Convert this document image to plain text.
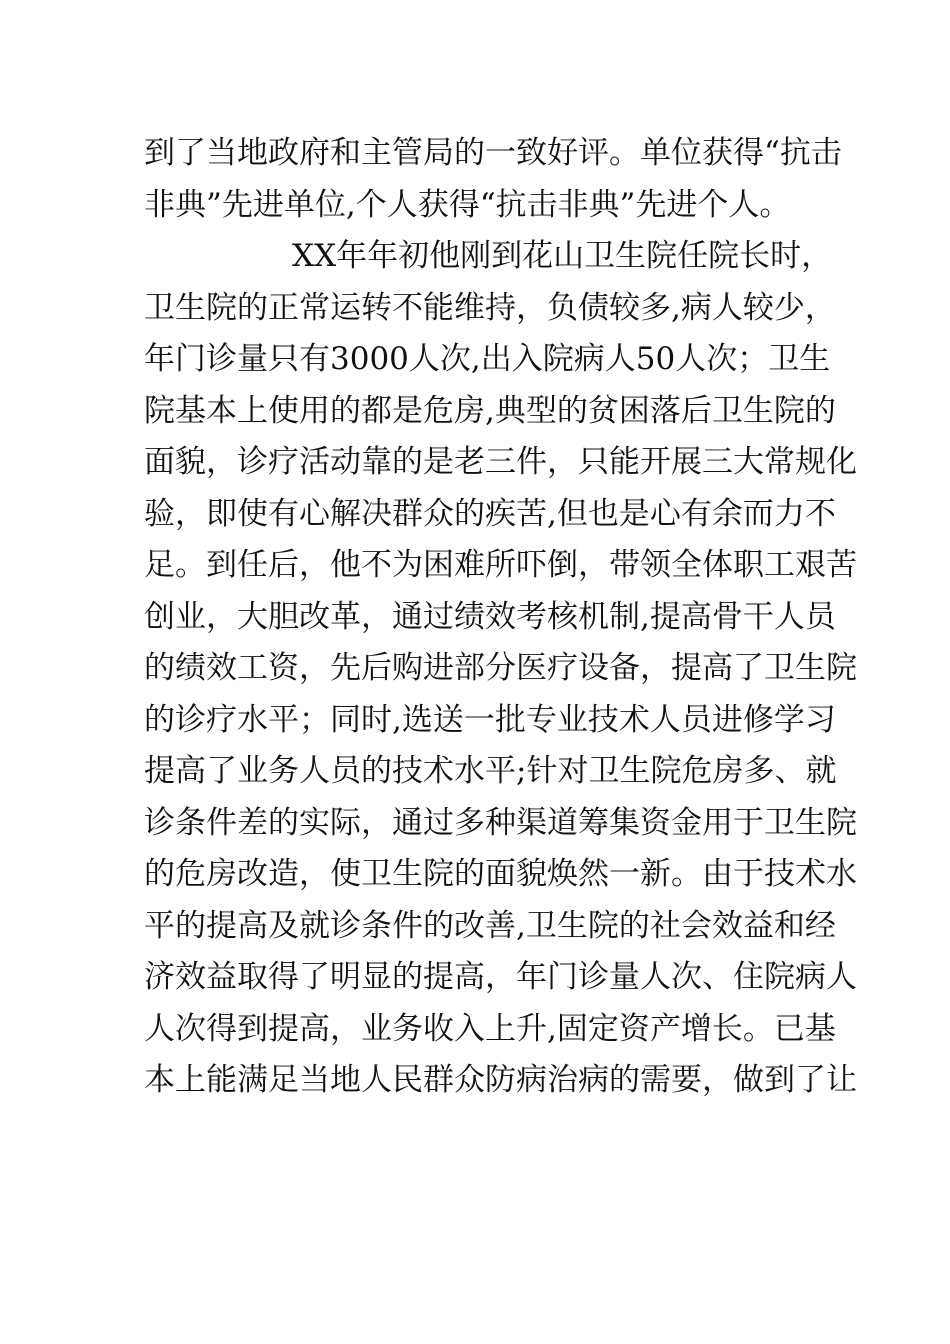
到了当地政府和主管局的一致好评。单位获得“抗击
非典”先进单位,个人获得“抗击非典”先进个人。
XX年年初他刚到花山卫生院任院长时，
卫生院的正常运转不能维持，负债较多,病人较少，
年门诊量只有3000人次,出入院病人50人次；卫生
院基本上使用的都是危房,典型的贫困落后卫生院的
面貌，诊疗活动靠的是老三件，只能开展三大常规化
验，即使有心解决群众的疾苦,但也是心有余而力不
足。到任后，他不为困难所吓倒，带领全体职工艰苦
创业，大胆改革，通过绩效考核机制,提高骨干人员
的绩效工资，先后购进部分医疗设备，提高了卫生院
的诊疗水平；同时,选送一批专业技术人员进修学习
提高了业务人员的技术水平;针对卫生院危房多、就
诊条件差的实际，通过多种渠道筹集资金用于卫生院
的危房改造，使卫生院的面貌焕然一新。由于技术水
平的提高及就诊条件的改善,卫生院的社会效益和经
济效益取得了明显的提高，年门诊量人次、住院病人
人次得到提高，业务收入上升,固定资产增长。已基
本上能满足当地人民群众防病治病的需要，做到了让
